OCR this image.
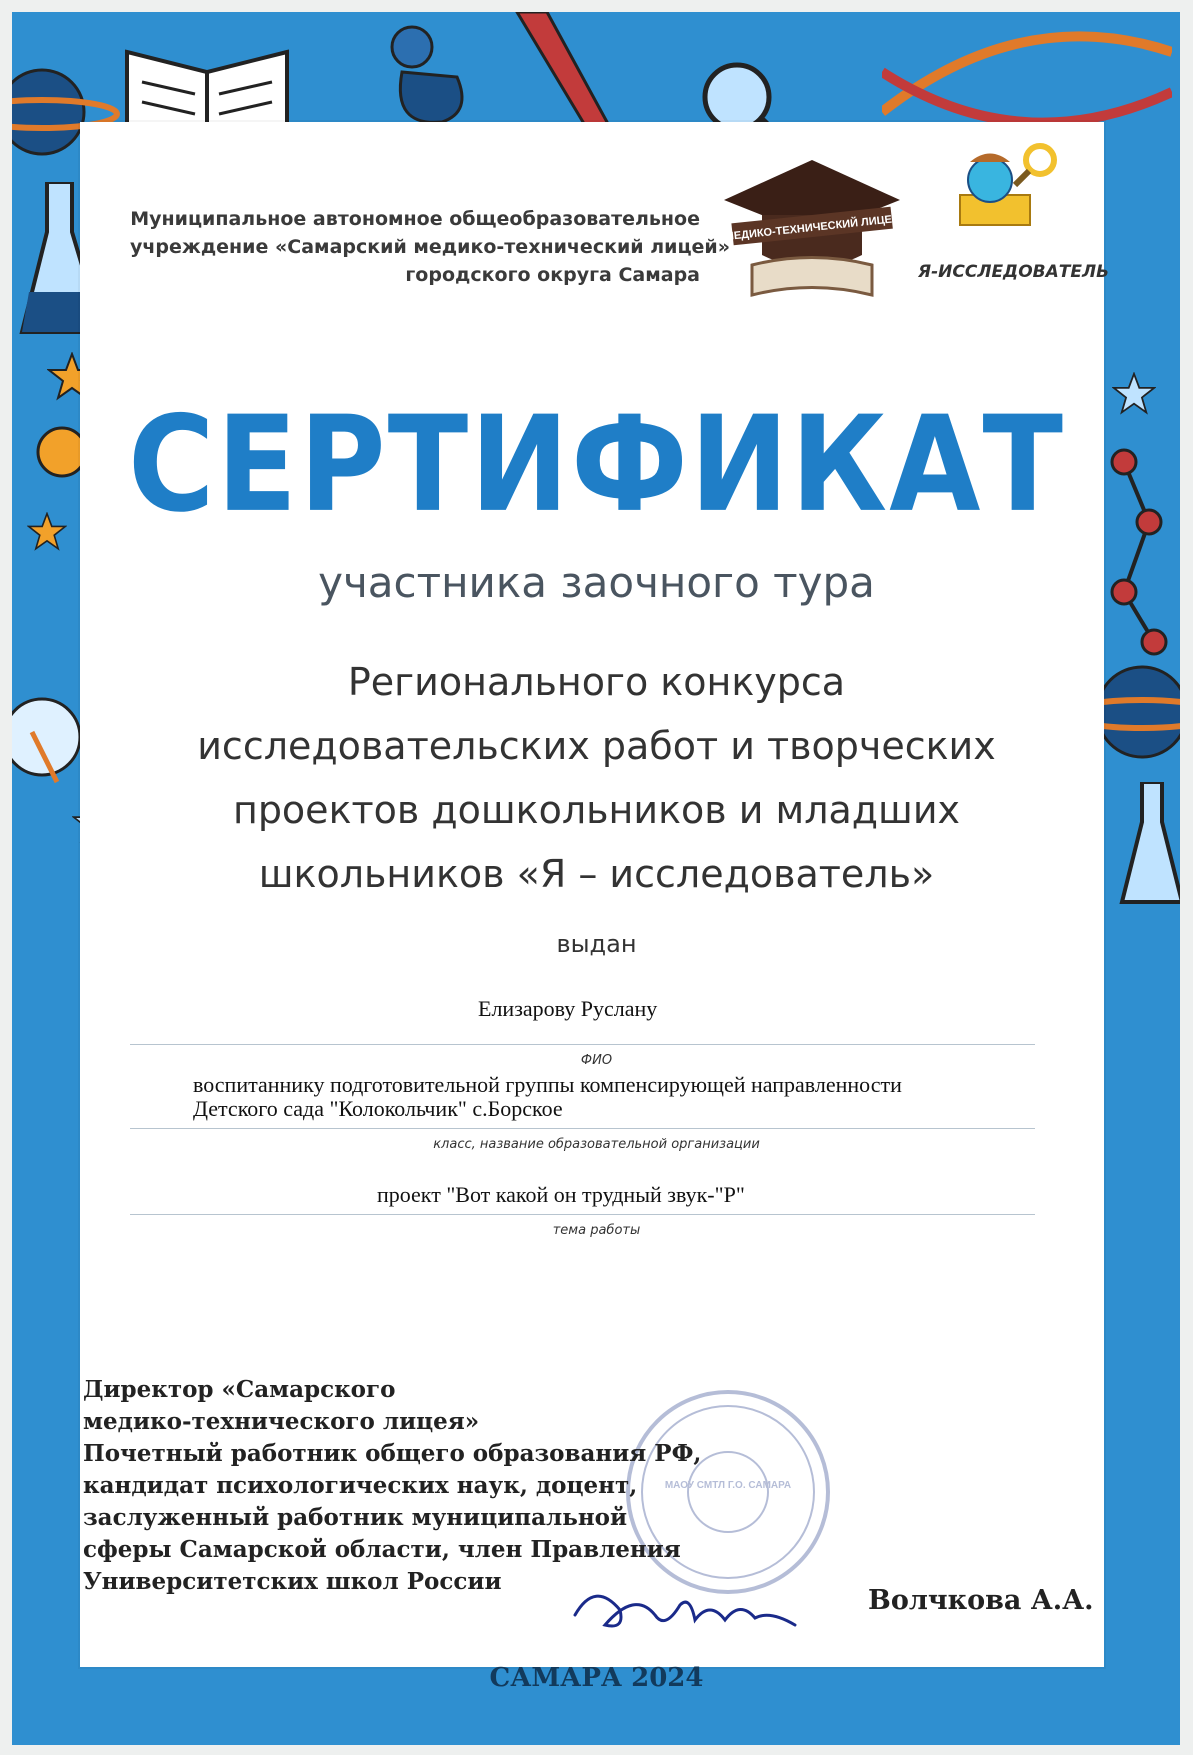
Муниципальное автономное общеобразовательное
учреждение «Самарский медико-технический лицей»
городского округа Самара
МЕДИКО-ТЕХНИЧЕСКИЙ ЛИЦЕЙ
Я-ИССЛЕДОВАТЕЛЬ
СЕРТИФИКАТ
участника заочного тура
Регионального конкурса
исследовательских работ и творческих
проектов дошкольников и младших
школьников «Я – исследователь»
выдан
Елизарову Руслану
ФИО
воспитаннику подготовительной группы компенсирующей направленности
Детского сада "Колокольчик" с.Борское
класс, название образовательной организации
проект "Вот какой он трудный звук-"Р"
тема работы
МАОУ СМТЛ Г.О. САМАРА
Директор «Самарского
медико-технического лицея»
Почетный работник общего образования РФ,
кандидат психологических наук, доцент,
заслуженный работник муниципальной
сферы Самарской области, член Правления
Университетских школ России
Волчкова А.А.
САМАРА 2024
